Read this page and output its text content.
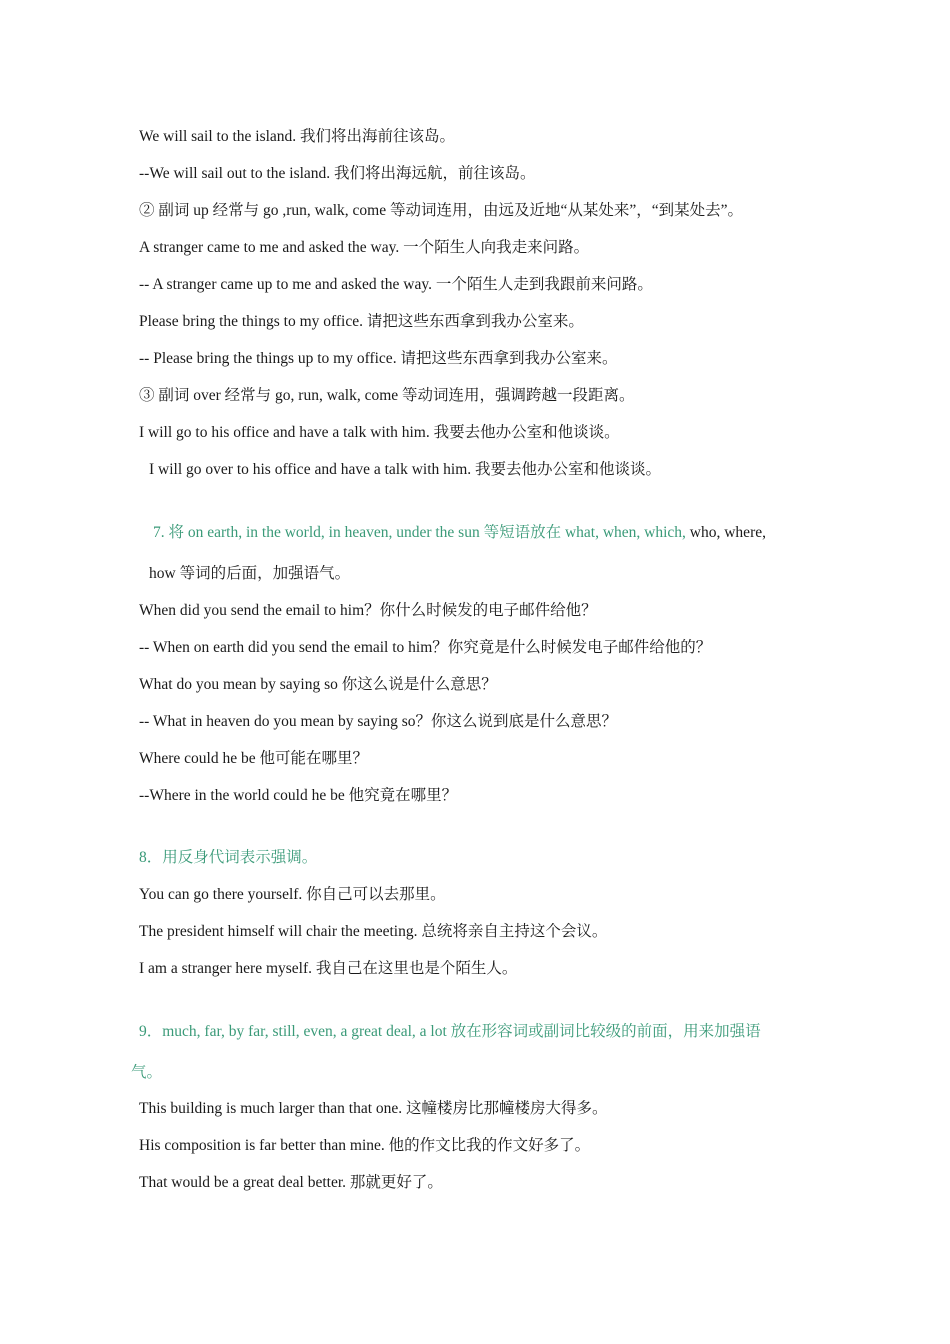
We will sail to the island. 我们将出海前往该岛。
--We will sail out to the island. 我们将出海远航，前往该岛。
② 副词 up 经常与 go ,run, walk, come 等动词连用，由远及近地“从某处来”，“到某处去”。
A stranger came to me and asked the way. 一个陌生人向我走来问路。
-- A stranger came up to me and asked the way. 一个陌生人走到我跟前来问路。
Please bring the things to my office. 请把这些东西拿到我办公室来。
-- Please bring the things up to my office. 请把这些东西拿到我办公室来。
③ 副词 over 经常与 go, run, walk, come 等动词连用，强调跨越一段距离。
I will go to his office and have a talk with him. 我要去他办公室和他谈谈。
I will go over to his office and have a talk with him. 我要去他办公室和他谈谈。
7. 将 on earth, in the world, in heaven, under the sun 等短语放在 what, when, which, who, where,
how 等词的后面，加强语气。
When did you send the email to him？你什么时候发的电子邮件给他？
-- When on earth did you send the email to him？你究竟是什么时候发电子邮件给他的？
What do you mean by saying so 你这么说是什么意思？
-- What in heaven do you mean by saying so？你这么说到底是什么意思？
Where could he be 他可能在哪里？
--Where in the world could he be 他究竟在哪里？
8．用反身代词表示强调。
You can go there yourself. 你自己可以去那里。
The president himself will chair the meeting. 总统将亲自主持这个会议。
I am a stranger here myself. 我自己在这里也是个陌生人。
9．much, far, by far, still, even, a great deal, a lot 放在形容词或副词比较级的前面，用来加强语
气。
This building is much larger than that one. 这幢楼房比那幢楼房大得多。
His composition is far better than mine. 他的作文比我的作文好多了。
That would be a great deal better. 那就更好了。
